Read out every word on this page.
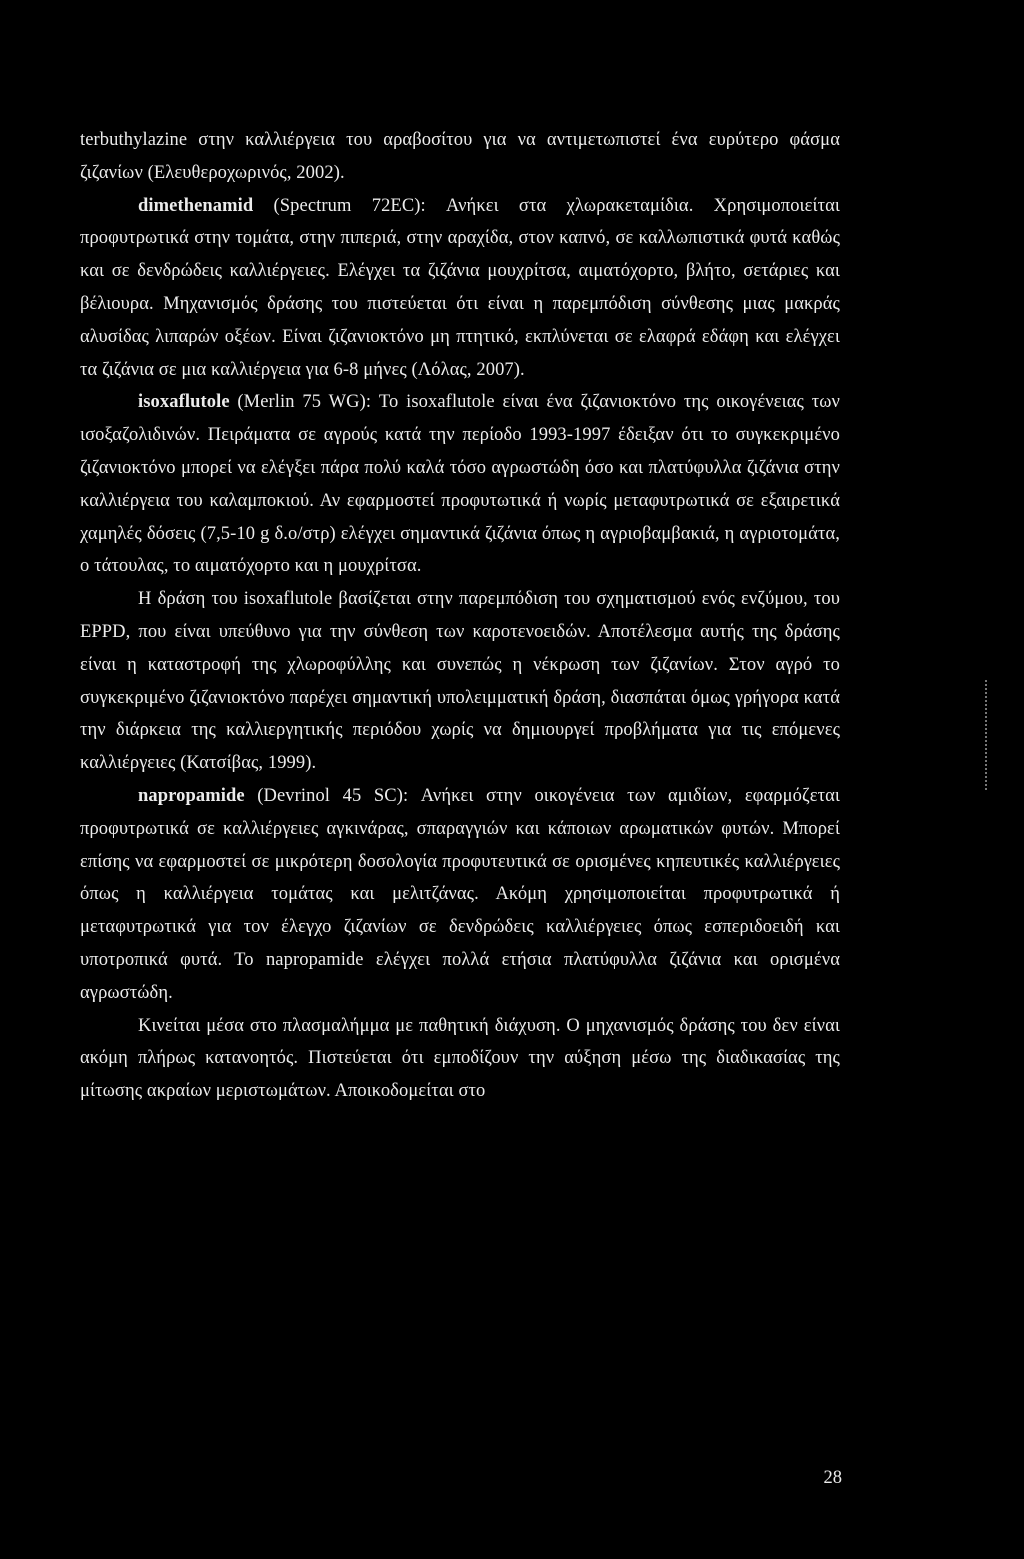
terbuthylazine στην καλλιέργεια του αραβοσίτου για να αντιμετωπιστεί ένα ευρύτερο φάσμα ζιζανίων (Ελευθεροχωρινός, 2002).

dimethenamid (Spectrum 72EC): Ανήκει στα χλωρακεταμίδια. Χρησιμοποιείται προφυτρωτικά στην τομάτα, στην πιπεριά, στην αραχίδα, στον καπνό, σε καλλωπιστικά φυτά καθώς και σε δενδρώδεις καλλιέργειες. Ελέγχει τα ζιζάνια μουχρίτσα, αιματόχορτο, βλήτο, σετάριες και βέλιουρα. Μηχανισμός δράσης του πιστεύεται ότι είναι η παρεμπόδιση σύνθεσης μιας μακράς αλυσίδας λιπαρών οξέων. Είναι ζιζανιοκτόνο μη πτητικό, εκπλύνεται σε ελαφρά εδάφη και ελέγχει τα ζιζάνια σε μια καλλιέργεια για 6-8 μήνες (Λόλας, 2007).

isoxaflutole (Merlin 75 WG): Το isoxaflutole είναι ένα ζιζανιοκτόνο της οικογένειας των ισοξαζολιδινών. Πειράματα σε αγρούς κατά την περίοδο 1993-1997 έδειξαν ότι το συγκεκριμένο ζιζανιοκτόνο μπορεί να ελέγξει πάρα πολύ καλά τόσο αγρωστώδη όσο και πλατύφυλλα ζιζάνια στην καλλιέργεια του καλαμποκιού. Αν εφαρμοστεί προφυτωτικά ή νωρίς μεταφυτρωτικά σε εξαιρετικά χαμηλές δόσεις (7,5-10 g δ.ο/στρ) ελέγχει σημαντικά ζιζάνια όπως η αγριοβαμβακιά, η αγριοτομάτα, ο τάτουλας, το αιματόχορτο και η μουχρίτσα.

Η δράση του isoxaflutole βασίζεται στην παρεμπόδιση του σχηματισμού ενός ενζύμου, του EPPD, που είναι υπεύθυνο για την σύνθεση των καροτενοειδών. Αποτέλεσμα αυτής της δράσης είναι η καταστροφή της χλωροφύλλης και συνεπώς η νέκρωση των ζιζανίων. Στον αγρό το συγκεκριμένο ζιζανιοκτόνο παρέχει σημαντική υπολειμματική δράση, διασπάται όμως γρήγορα κατά την διάρκεια της καλλιεργητικής περιόδου χωρίς να δημιουργεί προβλήματα για τις επόμενες καλλιέργειες (Κατσίβας, 1999).

napropamide (Devrinol 45 SC): Ανήκει στην οικογένεια των αμιδίων, εφαρμόζεται προφυτρωτικά σε καλλιέργειες αγκινάρας, σπαραγγιών και κάποιων αρωματικών φυτών. Μπορεί επίσης να εφαρμοστεί σε μικρότερη δοσολογία προφυτευτικά σε ορισμένες κηπευτικές καλλιέργειες όπως η καλλιέργεια τομάτας και μελιτζάνας. Ακόμη χρησιμοποιείται προφυτρωτικά ή μεταφυτρωτικά για τον έλεγχο ζιζανίων σε δενδρώδεις καλλιέργειες όπως εσπεριδοειδή και υποτροπικά φυτά. Το napropamide ελέγχει πολλά ετήσια πλατύφυλλα ζιζάνια και ορισμένα αγρωστώδη.

Κινείται μέσα στο πλασμαλήμμα με παθητική διάχυση. Ο μηχανισμός δράσης του δεν είναι ακόμη πλήρως κατανοητός. Πιστεύεται ότι εμποδίζουν την αύξηση μέσω της διαδικασίας της μίτωσης ακραίων μεριστωμάτων. Αποικοδομείται στο

28
